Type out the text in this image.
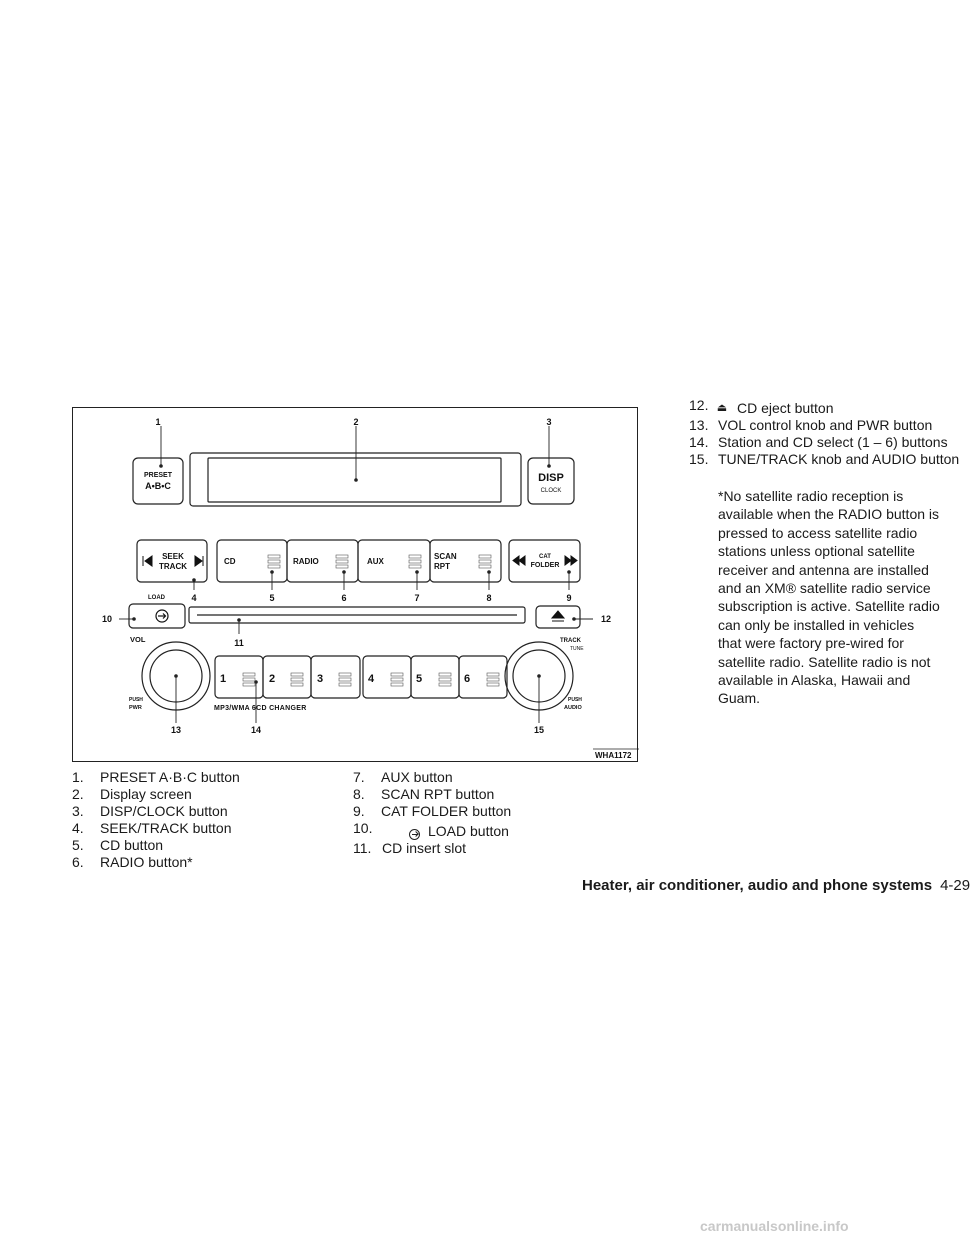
1	2	3
4	5	6	7	8	9
10
11
12
13	14	15
PRESET
A•B•C
DISP
CLOCK
SEEK
TRACK
CD	RADIO	AUX
SCAN
RPT
CAT
FOLDER
LOAD
VOL	TRACK
TUNE
PUSH
PWR
PUSH
AUDIO
MP3/WMA 6CD CHANGER
1	2	3	4	5	6
WHA1172
1.	PRESET A·B·C button
2.	Display screen
3.	DISP/CLOCK button
4.	SEEK/TRACK button
5.	CD button
6.	RADIO button*
7.	AUX button
8.	SCAN RPT button
9.	CAT FOLDER button
10.	LOAD button
11. CD insert slot
12. ⏏ CD eject button
13. VOL control knob and PWR button
14. Station and CD select (1 – 6) buttons
15. TUNE/TRACK knob and AUDIO button

*No satellite radio reception is available when the RADIO button is pressed to access satellite radio stations unless optional satellite receiver and antenna are installed and an XM® satellite radio service subscription is active. Satellite radio can only be installed in vehicles that were factory pre-wired for satellite radio. Satellite radio is not available in Alaska, Hawaii and Guam.

Heater, air conditioner, audio and phone systems 4-29
carmanualsonline.info
